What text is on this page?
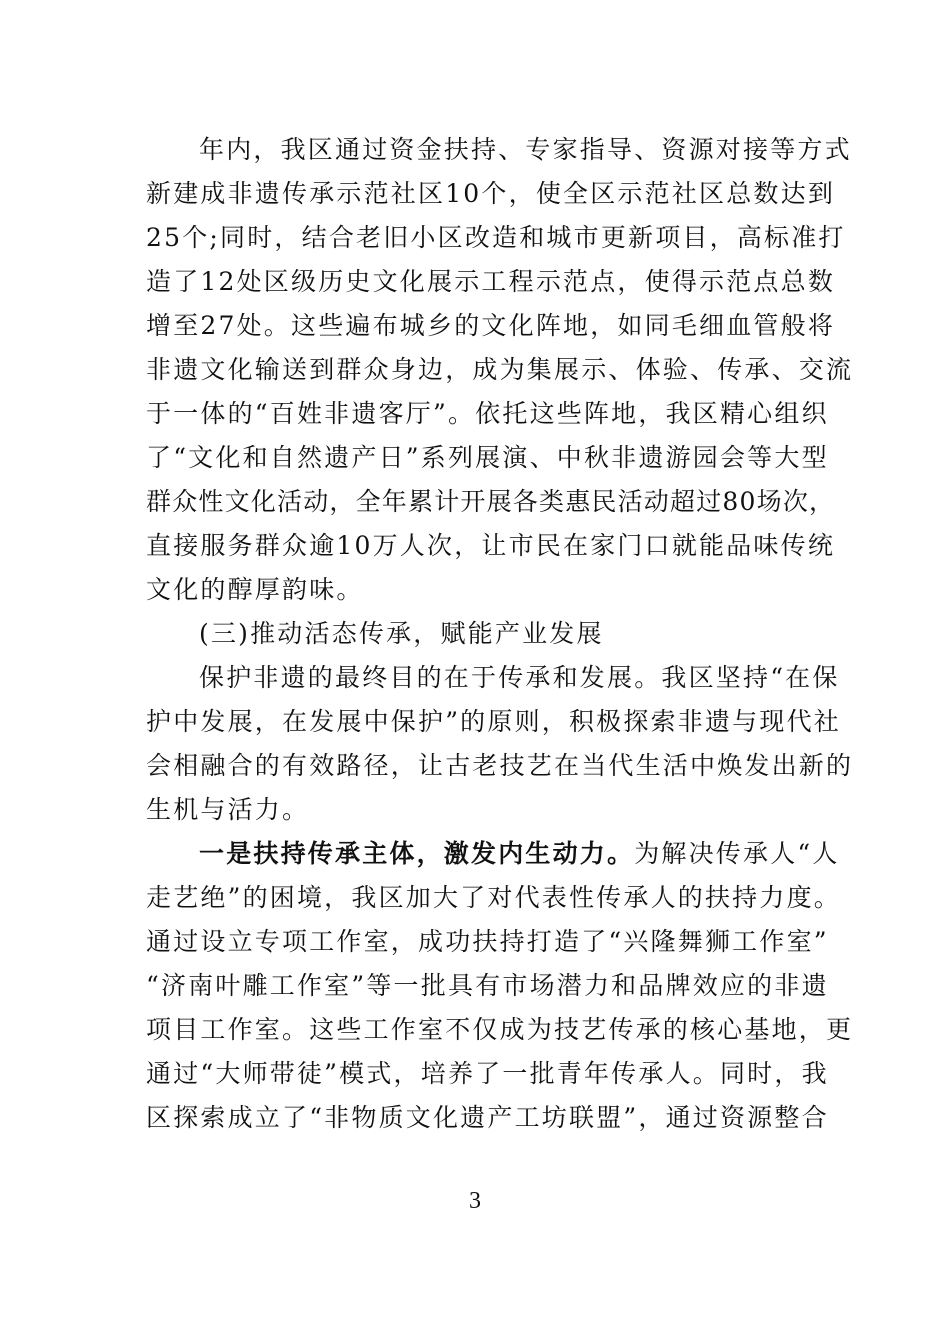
年内，我区通过资金扶持、专家指导、资源对接等方式
新建成非遗传承示范社区10个，使全区示范社区总数达到
25个;同时，结合老旧小区改造和城市更新项目，高标准打
造了12处区级历史文化展示工程示范点，使得示范点总数
增至27处。这些遍布城乡的文化阵地，如同毛细血管般将
非遗文化输送到群众身边，成为集展示、体验、传承、交流
于一体的“百姓非遗客厅”。依托这些阵地，我区精心组织
了“文化和自然遗产日”系列展演、中秋非遗游园会等大型
群众性文化活动，全年累计开展各类惠民活动超过80场次，
直接服务群众逾10万人次，让市民在家门口就能品味传统
文化的醇厚韵味。
(三)推动活态传承，赋能产业发展
保护非遗的最终目的在于传承和发展。我区坚持“在保
护中发展，在发展中保护”的原则，积极探索非遗与现代社
会相融合的有效路径，让古老技艺在当代生活中焕发出新的
生机与活力。
一是扶持传承主体，激发内生动力。为解决传承人“人
走艺绝”的困境，我区加大了对代表性传承人的扶持力度。
通过设立专项工作室，成功扶持打造了“兴隆舞狮工作室”
“济南叶雕工作室”等一批具有市场潜力和品牌效应的非遗
项目工作室。这些工作室不仅成为技艺传承的核心基地，更
通过“大师带徒”模式，培养了一批青年传承人。同时，我
区探索成立了“非物质文化遗产工坊联盟”，通过资源整合
3
